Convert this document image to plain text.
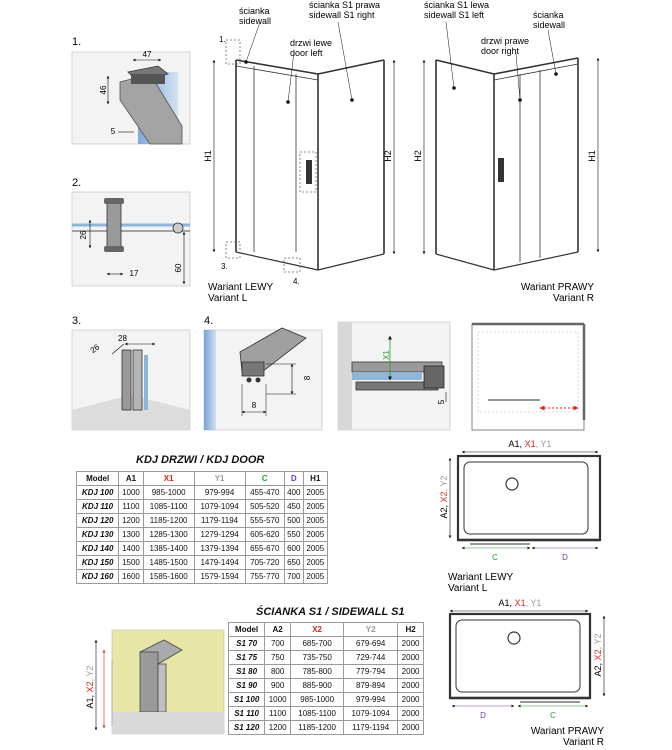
1.
47
46
5
2.
26
17
60
3.
26
28
4.
8
8
X1
5
1.
3.
4.
ścianka
sidewall
ścianka S1 prawa
sidewall S1 right
drzwi lewe
door left
H1	H2
Wariant LEWY
Variant L
ścianka S1 lewa
sidewall S1 left	ścianka
sidewall
drzwi prawe
door right
H2	H1
Wariant PRAWY
Variant R
A1, X1, Y1
C	D
A2, X2, Y2
Wariant LEWY
Variant L
A1, X1, Y1
D	C
A2, X2, Y2
Wariant PRAWY
Variant R
A1, X2, Y2
KDJ DRZWI / KDJ DOOR
Model	A1	X1	Y1	C	D	H1
KDJ 100	1000	985-1000	979-994	455-470	400	2005
KDJ 110	1100	1085-1100	1079-1094	505-520	450	2005
KDJ 120	1200	1185-1200	1179-1194	555-570	500	2005
KDJ 130	1300	1285-1300	1279-1294	605-620	550	2005
KDJ 140	1400	1385-1400	1379-1394	655-670	600	2005
KDJ 150	1500	1485-1500	1479-1494	705-720	650	2005
KDJ 160	1600	1585-1600	1579-1594	755-770	700	2005
ŚCIANKA S1 / SIDEWALL S1
Model	A2	X2	Y2	H2
S1 70	700	685-700	679-694	2000
S1 75	750	735-750	729-744	2000
S1 80	800	785-800	779-794	2000
S1 90	900	885-900	879-894	2000
S1 100	1000	985-1000	979-994	2000
S1 110	1100	1085-1100	1079-1094	2000
S1 120	1200	1185-1200	1179-1194	2000
